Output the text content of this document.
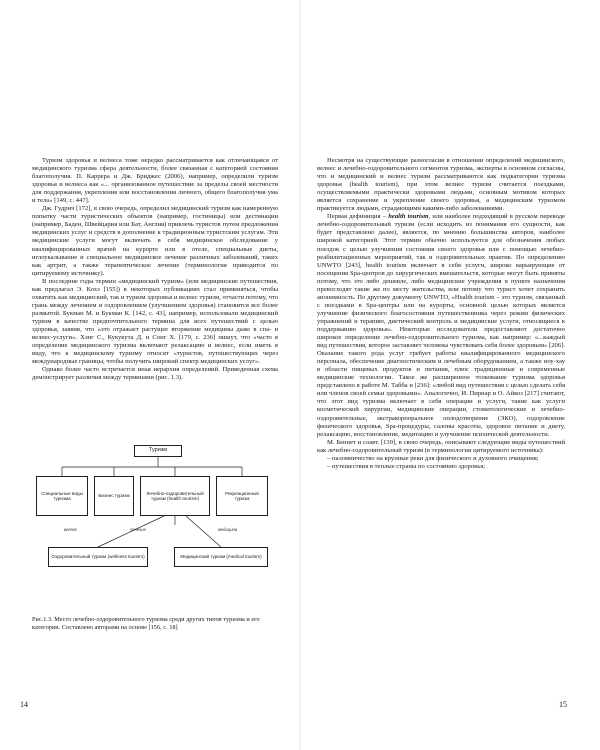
Туризм здоровья и велнеса тоже нередко рассматривается как отличающаяся от медицинского туризма сфера деятельности, более связанная с категорией состояния благополучия. П. Каррера и Дж. Бриджес (2006), например, определили туризм здоровья и велнеса как «... организованное путешествие за пределы своей местности для поддержания, укрепления или восстановления личного, общего благополучия ума и тела» [149, с. 447].

Дж. Гудрич [172], в свою очередь, определил медицинский туризм как намеренную попытку части туристических объектов (например, гостиницы) или дестинации (например, Баден, Швейцария или Бат, Англия) привлечь туристов путем предложения медицинских услуг и средств в дополнение к традиционным туристским услугам. Эти медицинские услуги могут включать в себя медицинское обследование у квалифицированных врачей на курорте или в отеле, специальные диеты, иглоукалывание и специальное медицинское лечение различных заболеваний, таких как артрит, а также терапевтическое лечение (терминология приводится по цитируемому источнику).

В последние годы термин «медицинский туризм» (или медицинские путешествия, как предлагал Э. Кохэ [155]) в некоторых публикациях стал применяться, чтобы охватить как медицинский, так и туризм здоровья и велнес туризм, отчасти потому, что грань между лечением и оздоровлением (улучшением здоровья) становится все более размытой. Букман М. и Букман К. [142, с. 43], например, использовали медицинский туризм в качестве предпочтительного термина для всех путешествий с целью здоровья, заявив, что «это отражает растущее вторжение медицины даже в спа- и велнес-услуги». Хэнг С., Кукукута Д. и Сонг Х. [179, с. 236] пишут, что «часто в определение медицинского туризма включают релаксацию и велнес, если иметь в виду, что к медицинскому туризму относят «туристов, путешествующих через международные границы, чтобы получить широкий спектр медицинских услуг».

Однако более часто встречается иная иерархия определений. Приведенная схема демонстрирует различия между терминами (рис. 1.3).

Туризм
Специальные виды туризма
Бизнес туризм
Лечебно-оздоровительный туризм (health tourism)
Рекреационный туризм
велнес	лечение	медицина
Оздоровительный туризм (wellness tourism)	Медицинский туризм (medical tourism)
Рис.1.3. Место лечебно-оздоровительного туризма среди других типов туризма и его категории. Составлено авторами на основе [156, с. 18]
14

Несмотря на существующие разногласия в отношении определений медицинского, велнес и лечебно-оздоровительного сегментов туризма, эксперты в основном согласны, что и медицинский и велнес туризм рассматриваются как подкатегории туризма здоровья (health tourism), при этом велнес туризм считается поездками, осуществляемыми практически здоровыми людьми, основным мотивом которых является сохранение и укрепление своего здоровья, а медицинским туризмом практикуется людьми, страдающими какими-либо заболеваниями.

Первая дефиниция – health tourism, или наиболее подходящий в русском переводе лечебно-оздоровительный туризм (если исходить из понимания его сущности, как будет представлено далее), является, по мнению большинства авторов, наиболее широкой категорией. Этот термин обычно используется для обозначения любых поездок с целью улучшения состояния своего здоровья или с помощью лечебно-реабилитационных мероприятий, так и оздоровительных практик. По определению UNWTO [243], health tourism включает в себя услуги, широко варьирующие от посещения Spa-центров до хирургических вмешательств, которые могут быть приняты потому, что это либо дешевле, либо медицинские учреждения в пункте назначения превосходят такие же по месту жительства, или потому что турист хочет сохранить анонимность. По другому документу UNWTO, «Health tourism – это туризм, связанный с поездками в Spa-центры или на курорты, основной целью которых является улучшение физического благосостояния путешественника через режим физических упражнений и терапию, диетический контроль и медицинские услуги, относящиеся к поддержанию здоровья». Некоторые исследователи предоставляют достаточно широкое определение лечебно-оздоровительного туризма, как например: «...каждый вид путешествия, которое заставляет человека чувствовать себя более здоровым» [206]. Оказание такого рода услуг требует работы квалифицированного медицинского персонала, обеспечение диагностическим и лечебным оборудованием, а также ноу-хау в области пищевых продуктов и питания, плюс традиционные и современные медицинские технологии. Такое же расширенное толкование туризма здоровья представлено в работе М. Табба и [236]: «любой вид путешествия с целью сделать себя или членов своей семьи здоровыми». Аналогично, И. Пирнар и О. Айкоз [217] считают, что этот вид туризма включает в себя операции и услуги, такие как услуги косметической хирургии, медицинские операции, стоматологические и лечебно-оздоровительные, экстракорпоральное оплодотворение (ЭКО), оздоровление физического здоровья, Spa-процедуры, салоны красоты, здоровое питание и диету, релаксацию, восстановление, медитацию и улучшение психической деятельности.

М. Беннет и соавт. [139], в свою очередь, описывают следующие виды путешествий как лечебно-оздоровительный туризм (в терминологии цитируемого источника):

– паломничество на крупные реки для физического и духовного очищения;

– путешествия в теплые страны по состоянию здоровья;

15
